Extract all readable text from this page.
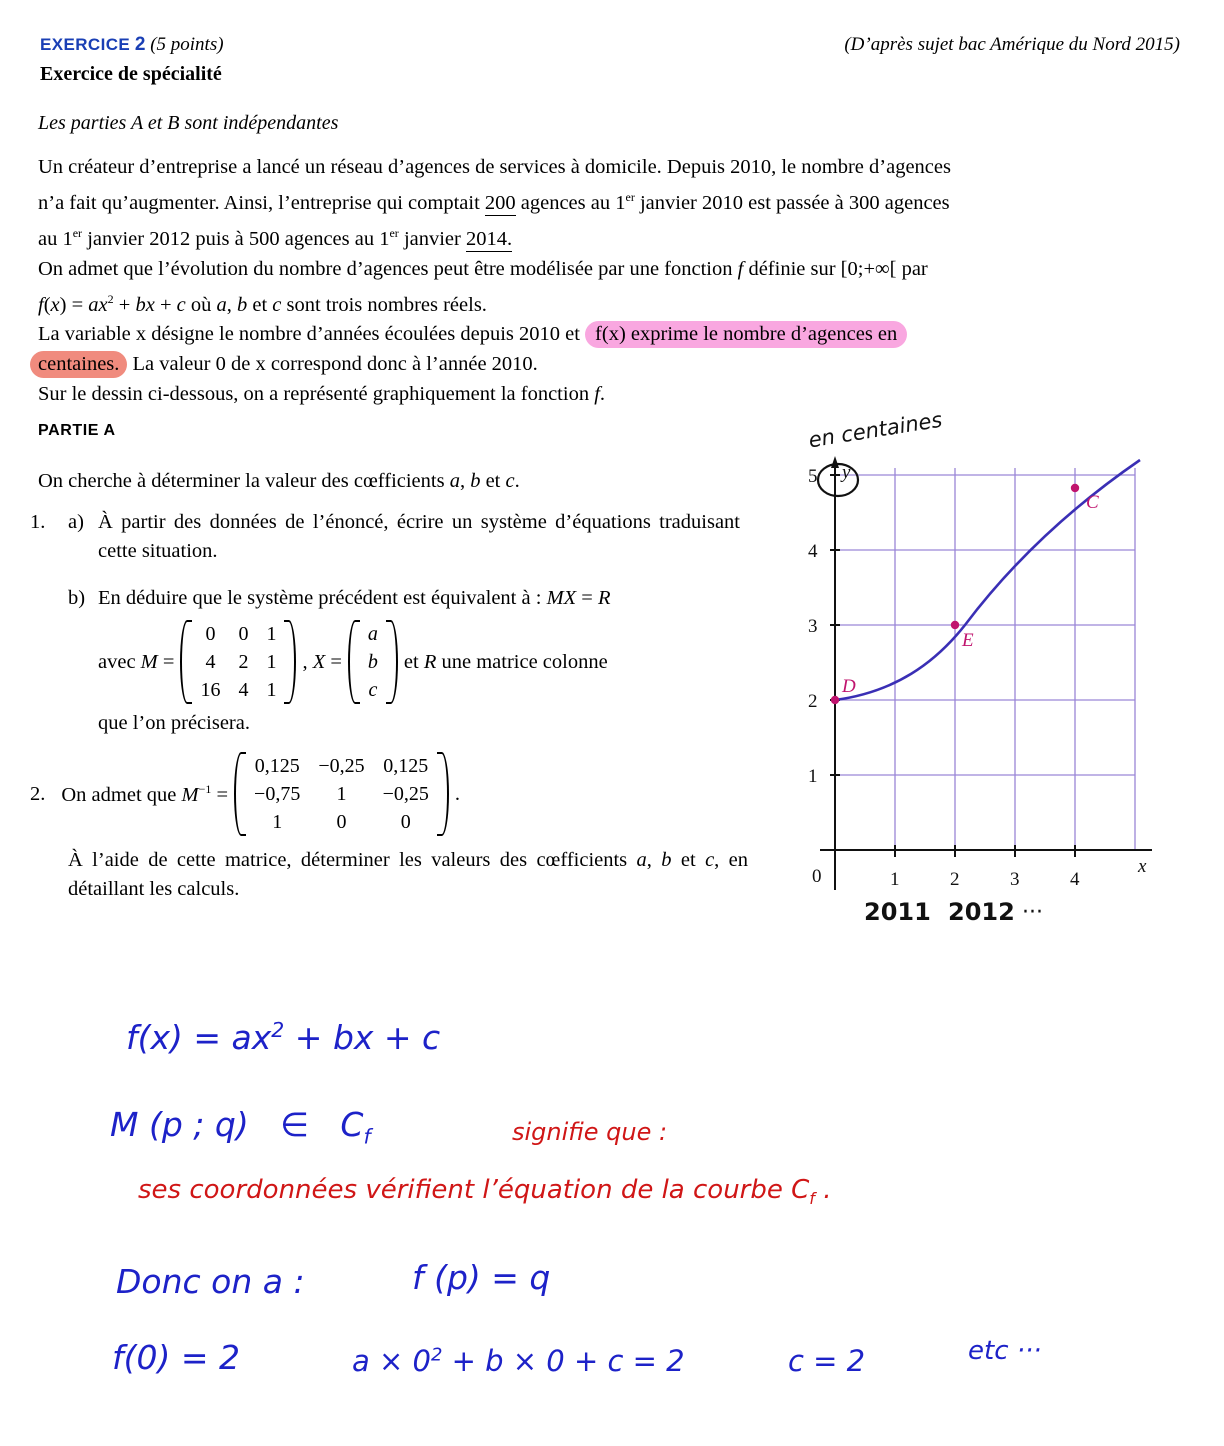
EXERCICE 2 (5 points)	(D’après sujet bac Amérique du Nord 2015)
Exercice de spécialité
Les parties A et B sont indépendantes
Un créateur d’entreprise a lancé un réseau d’agences de services à domicile. Depuis 2010, le nombre d’agences
n’a fait qu’augmenter. Ainsi, l’entreprise qui comptait 200 agences au 1er janvier 2010 est passée à 300 agences
au 1er janvier 2012 puis à 500 agences au 1er janvier 2014.
On admet que l’évolution du nombre d’agences peut être modélisée par une fonction f définie sur [0;+∞[ par
$f(x) = ax^2$ + bx + c où a, b et c sont trois nombres réels.
La variable x désigne le nombre d’années écoulées depuis 2010 et f(x) exprime le nombre d’agences en
centaines. La valeur 0 de x correspond donc à l’année 2010.
Sur le dessin ci-dessous, on a représenté graphiquement la fonction f.
PARTIE A
On cherche à déterminer la valeur des cœfficients a, b et c.
1. a) À partir des données de l’énoncé, écrire un système d’équations traduisant cette situation.
b) En déduire que le système précédent est équivalent à : MX = R
avec M =
0	0	1
4	2	1
16	4	1
, X =
a
b
c
et R une matrice colonne
que l’on précisera.
2. On admet que $M^{-1}$ =
0,125	−0,25	0,125
−0,75	1	−0,25
1	0	0
.
À l’aide de cette matrice, déterminer les valeurs des cœfficients a, b et c, en détaillant les calculs.
1
2
3
4
5
1	2	3	4
0	x
y
D
E
C
en centaines
2011 2012 ···
$f(x) = ax^2$ + bx + c
M (p ; q)   ∈   $C_f$	signifie que :
ses coordonnées vérifient l’équation de la courbe $C_f$ .
Donc on a :	f (p) = q
f(0) = 2	$a \times 0^2 + b \times 0 + c = 2$	c = 2	etc ···
